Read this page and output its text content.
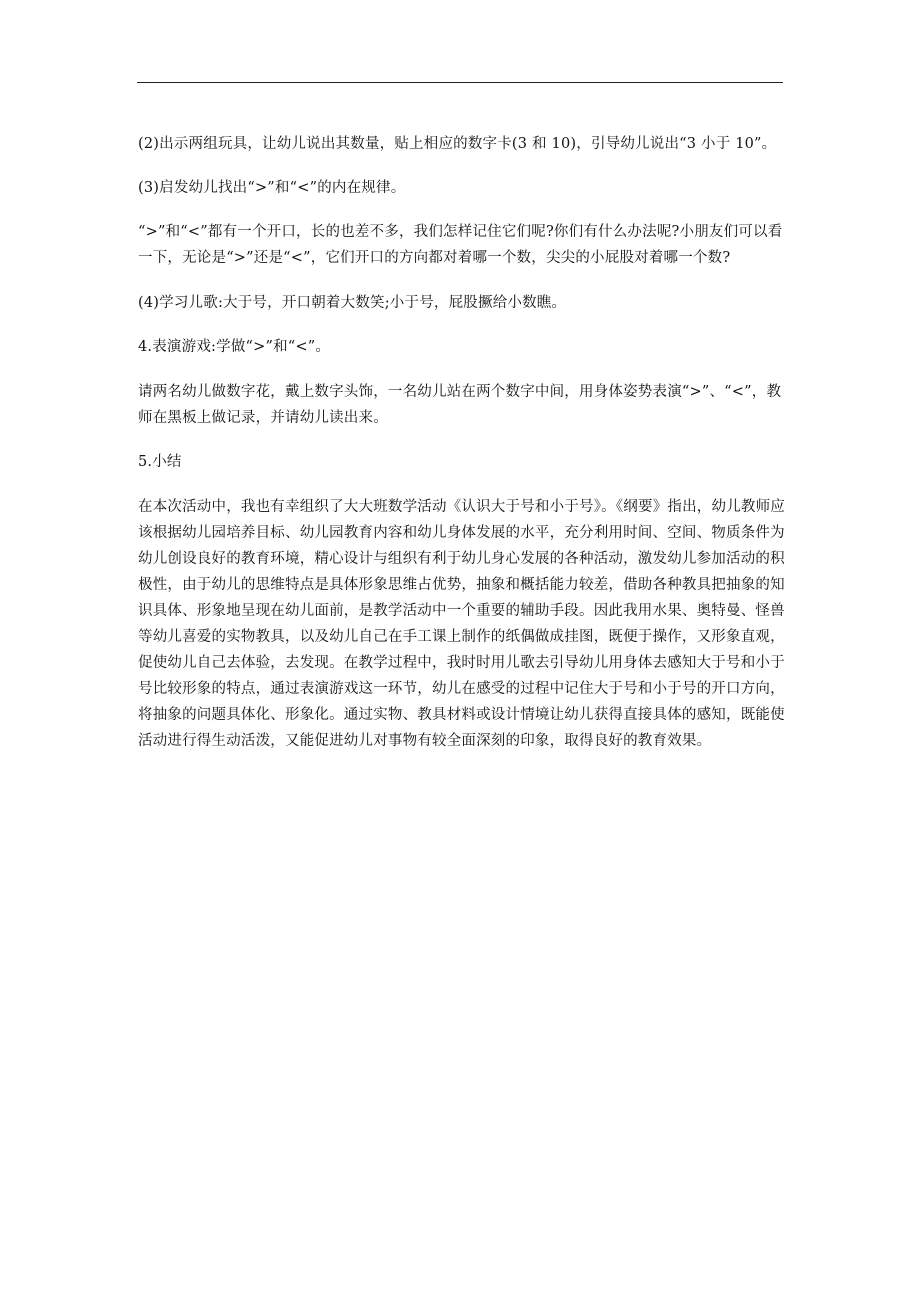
(2)出示两组玩具，让幼儿说出其数量，贴上相应的数字卡(3 和 10)，引导幼儿说出“3 小于 10”。

(3)启发幼儿找出“>”和“<”的内在规律。

“>”和“<”都有一个开口，长的也差不多，我们怎样记住它们呢?你们有什么办法呢?小朋友们可以看一下，无论是“>”还是“<”，它们开口的方向都对着哪一个数，尖尖的小屁股对着哪一个数?

(4)学习儿歌:大于号，开口朝着大数笑;小于号，屁股撅给小数瞧。

4.表演游戏:学做“>”和“<”。

请两名幼儿做数字花，戴上数字头饰，一名幼儿站在两个数字中间，用身体姿势表演“>”、“<”，教师在黑板上做记录，并请幼儿读出来。

5.小结

在本次活动中，我也有幸组织了大大班数学活动《认识大于号和小于号》。《纲要》指出，幼儿教师应该根据幼儿园培养目标、幼儿园教育内容和幼儿身体发展的水平，充分利用时间、空间、物质条件为幼儿创设良好的教育环境，精心设计与组织有利于幼儿身心发展的各种活动，激发幼儿参加活动的积极性，由于幼儿的思维特点是具体形象思维占优势，抽象和概括能力较差，借助各种教具把抽象的知识具体、形象地呈现在幼儿面前，是教学活动中一个重要的辅助手段。因此我用水果、奥特曼、怪兽等幼儿喜爱的实物教具，以及幼儿自己在手工课上制作的纸偶做成挂图，既便于操作，又形象直观，促使幼儿自己去体验，去发现。在教学过程中，我时时用儿歌去引导幼儿用身体去感知大于号和小于号比较形象的特点，通过表演游戏这一环节，幼儿在感受的过程中记住大于号和小于号的开口方向，将抽象的问题具体化、形象化。通过实物、教具材料或设计情境让幼儿获得直接具体的感知，既能使活动进行得生动活泼，又能促进幼儿对事物有较全面深刻的印象，取得良好的教育效果。
